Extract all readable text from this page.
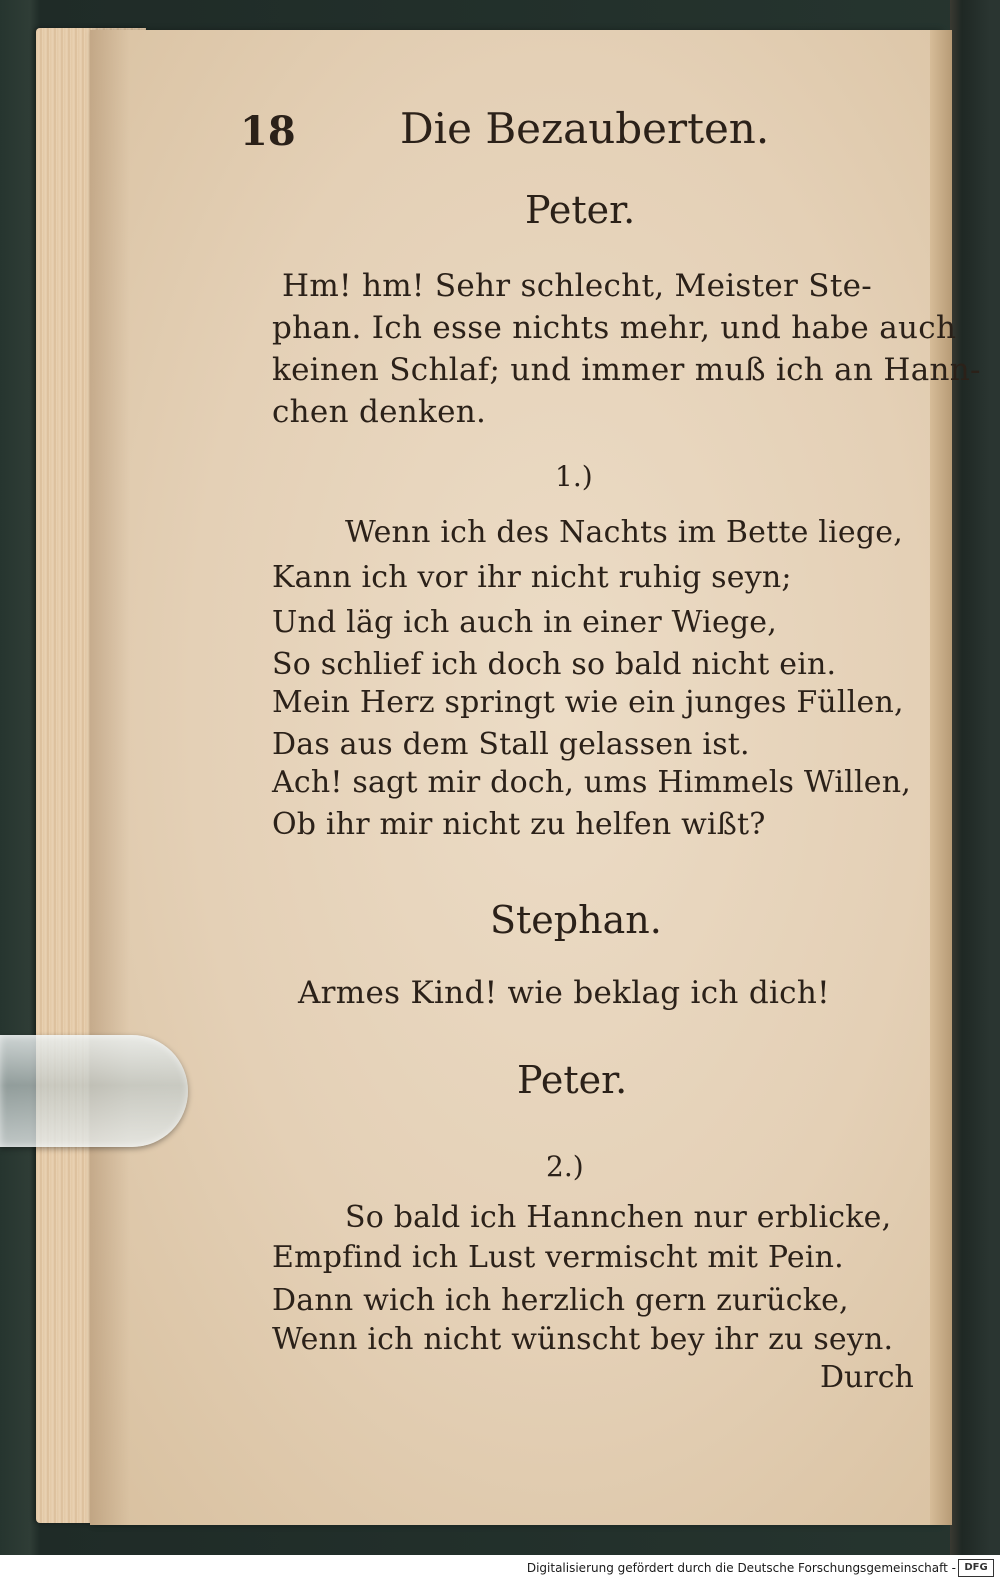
18 Die Bezauberten.
Peter.
Hm! hm! Sehr schlecht, Meister Ste-
phan. Ich esse nichts mehr, und habe auch
keinen Schlaf; und immer muß ich an Hann-
chen denken.
1.)
Wenn ich des Nachts im Bette liege,
Kann ich vor ihr nicht ruhig seyn;
Und läg ich auch in einer Wiege,
So schlief ich doch so bald nicht ein.
Mein Herz springt wie ein junges Füllen,
Das aus dem Stall gelassen ist.
Ach! sagt mir doch, ums Himmels Willen,
Ob ihr mir nicht zu helfen wißt?
Stephan.
Armes Kind! wie beklag ich dich!
Peter.
2.)
So bald ich Hannchen nur erblicke,
Empfind ich Lust vermischt mit Pein.
Dann wich ich herzlich gern zurücke,
Wenn ich nicht wünscht bey ihr zu seyn.
Durch
Digitalisierung gefördert durch die Deutsche Forschungsgemeinschaft - DFG
